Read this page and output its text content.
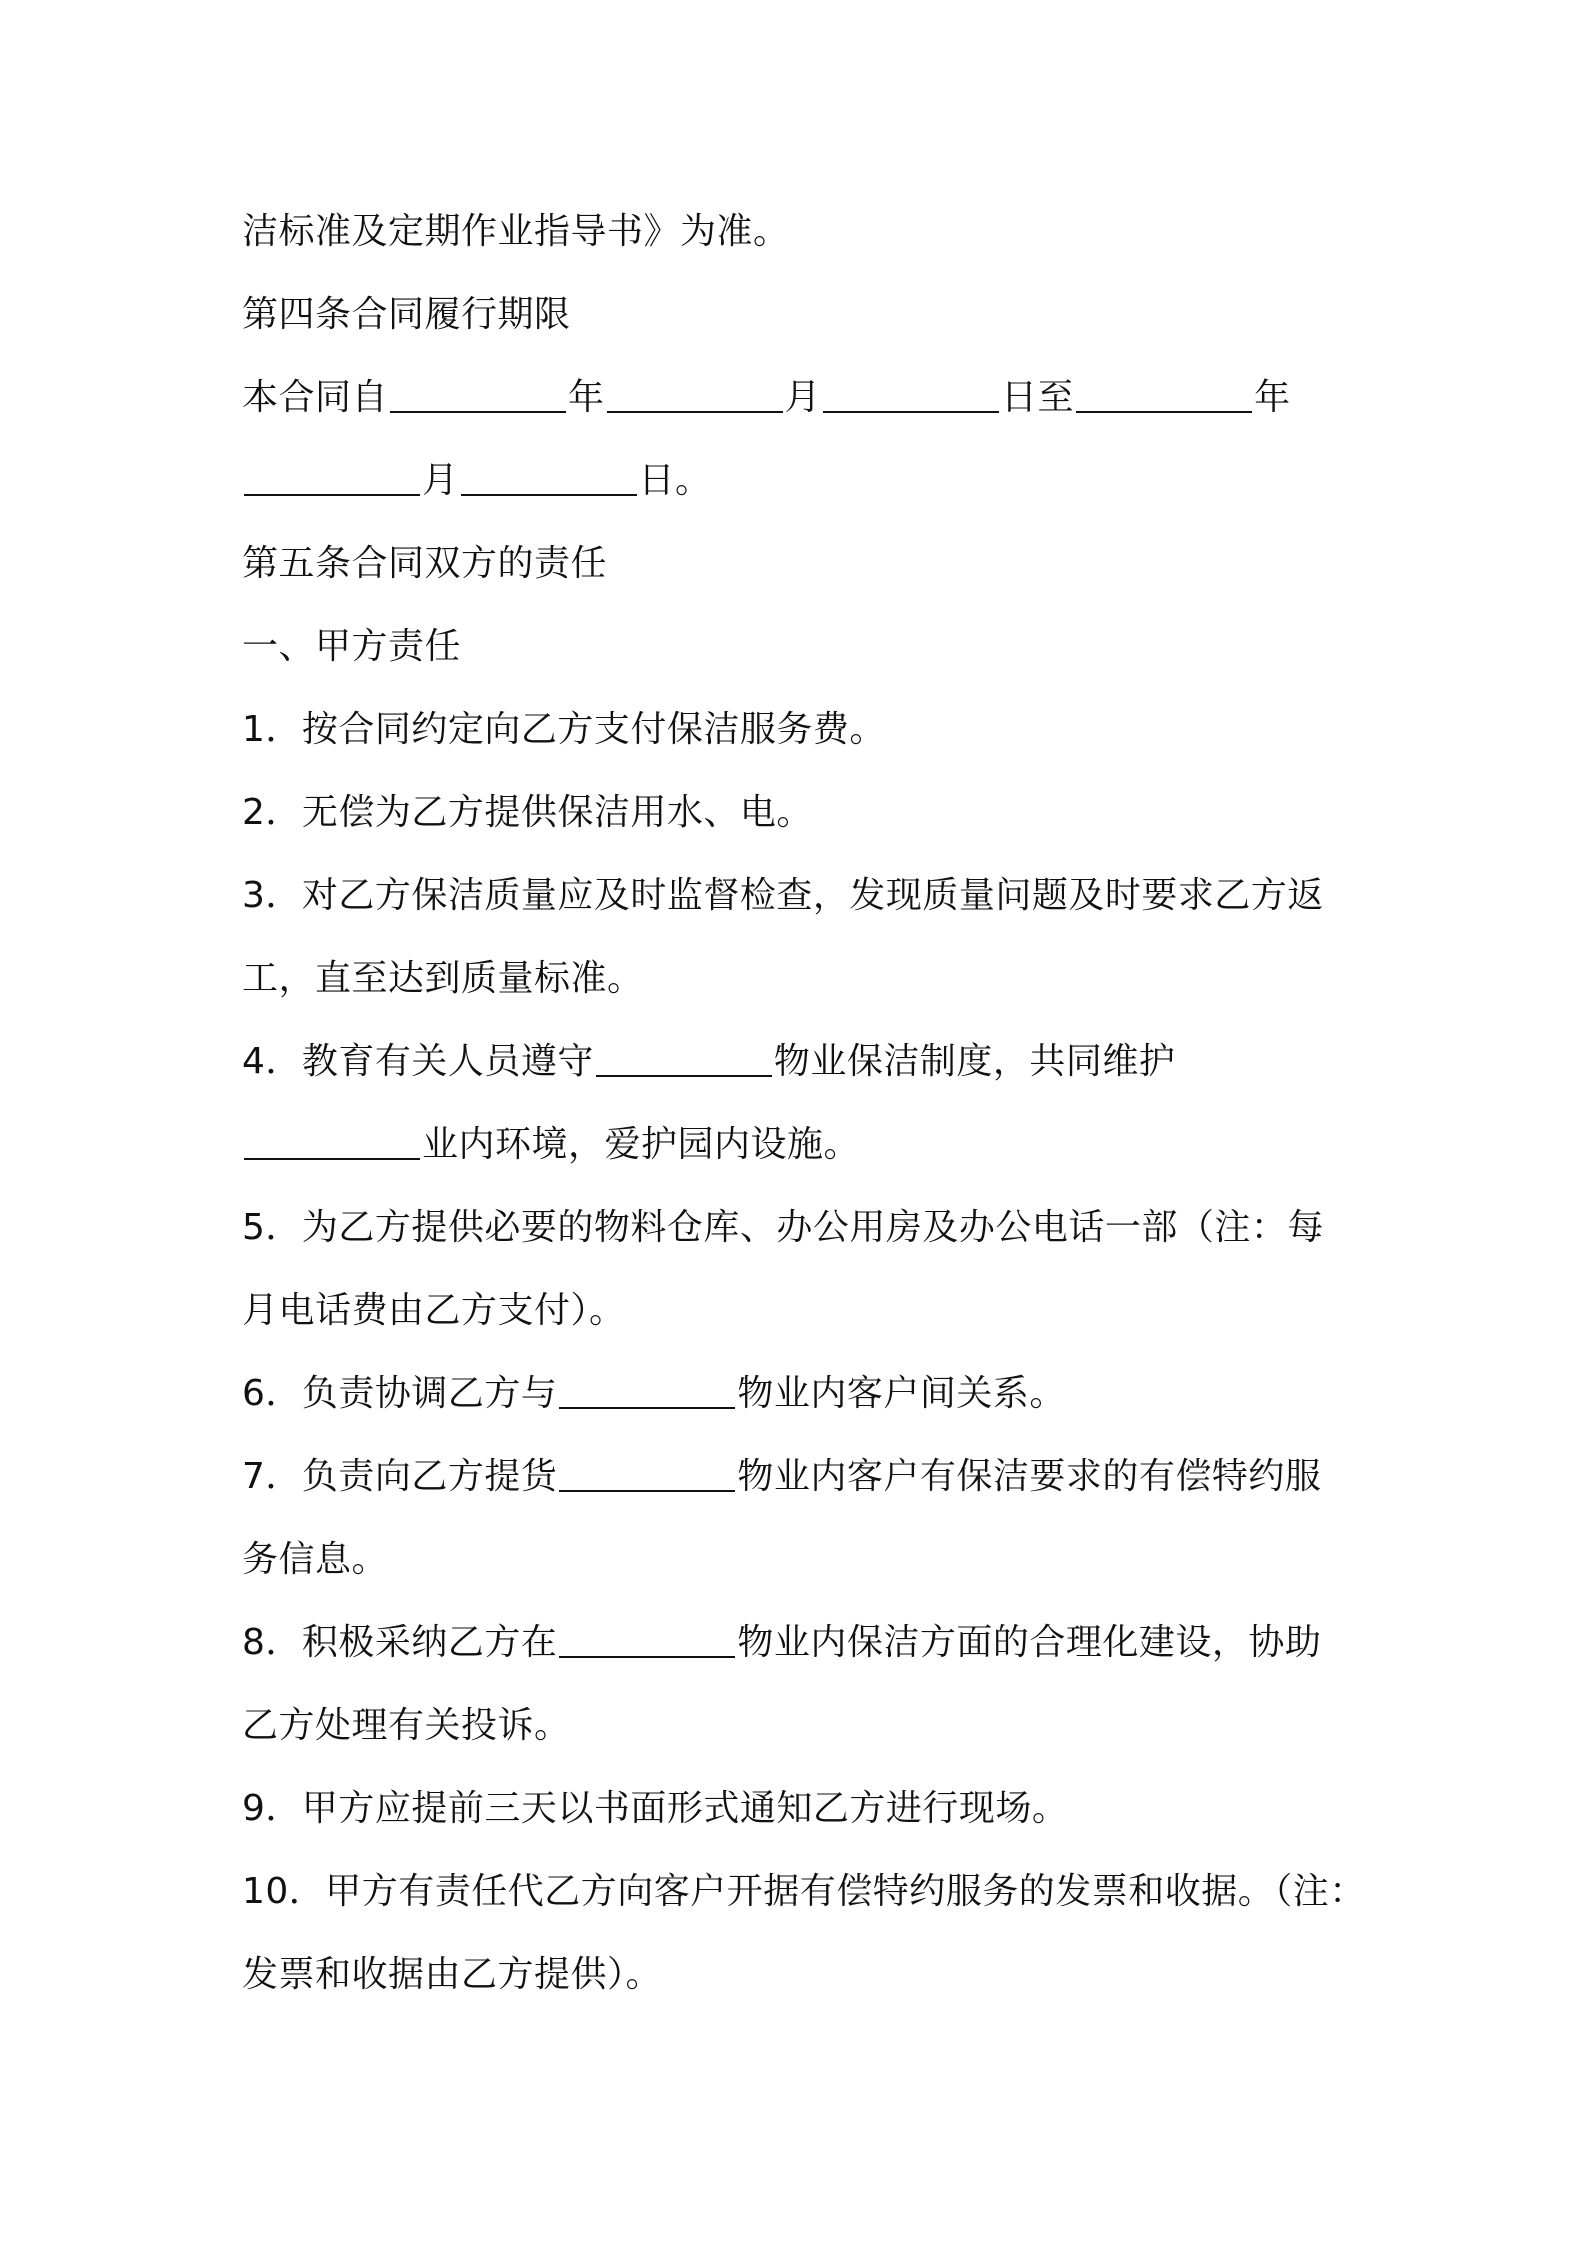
洁标准及定期作业指导书》为准。
第四条合同履行期限
本合同自	年	月	日至	年
月	日。
第五条合同双方的责任
一、甲方责任
1．按合同约定向乙方支付保洁服务费。
2．无偿为乙方提供保洁用水、电。
3．对乙方保洁质量应及时监督检查，发现质量问题及时要求乙方返
工，直至达到质量标准。
4．教育有关人员遵守	物业保洁制度，共同维护
业内环境，爱护园内设施。
5．为乙方提供必要的物料仓库、办公用房及办公电话一部（注：每
月电话费由乙方支付）。
6．负责协调乙方与	物业内客户间关系。
7．负责向乙方提货	物业内客户有保洁要求的有偿特约服
务信息。
8．积极采纳乙方在	物业内保洁方面的合理化建设，协助
乙方处理有关投诉。
9．甲方应提前三天以书面形式通知乙方进行现场。
10．甲方有责任代乙方向客户开据有偿特约服务的发票和收据。（注：
发票和收据由乙方提供）。
